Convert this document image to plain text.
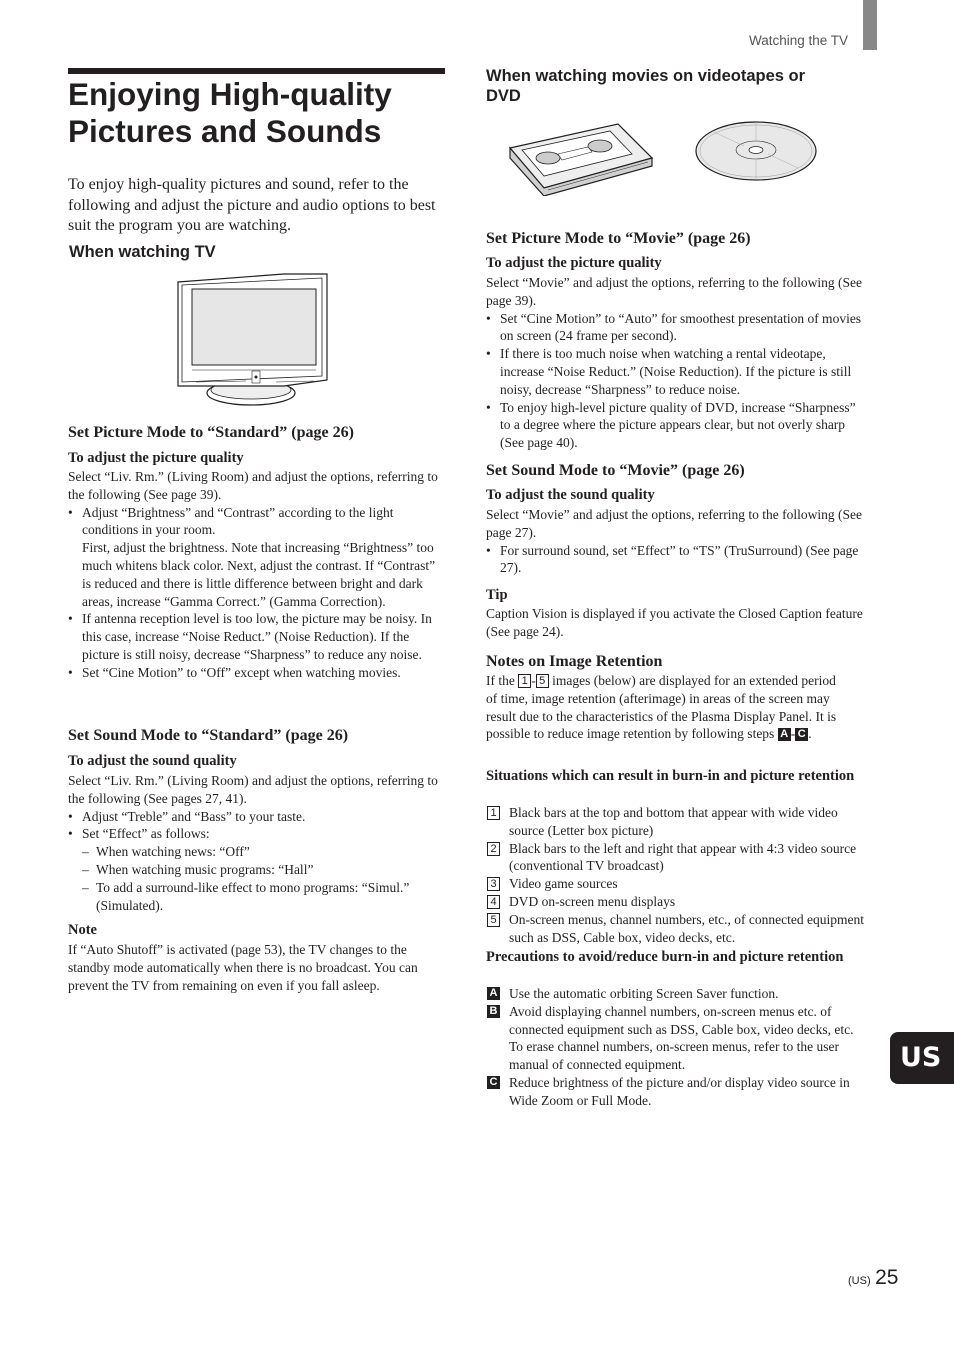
Watching the TV
Enjoying High-quality Pictures and Sounds

To enjoy high-quality pictures and sound, refer to the following and adjust the picture and audio options to best suit the program you are watching.

When watching TV
Set Picture Mode to “Standard” (page 26)
To adjust the picture quality

Select “Liv. Rm.” (Living Room) and adjust the options, referring to the following (See page 39).

• Adjust “Brightness” and “Contrast” according to the light conditions in your room.
First, adjust the brightness. Note that increasing “Brightness” too much whitens black color. Next, adjust the contrast. If “Contrast” is reduced and there is little difference between bright and dark areas, increase “Gamma Correct.” (Gamma Correction).
• If antenna reception level is too low, the picture may be noisy. In this case, increase “Noise Reduct.” (Noise Reduction). If the picture is still noisy, decrease “Sharpness” to reduce any noise.
• Set “Cine Motion” to “Off” except when watching movies.
Set Sound Mode to “Standard” (page 26)
To adjust the sound quality

Select “Liv. Rm.” (Living Room) and adjust the options, referring to the following (See pages 27, 41).

• Adjust “Treble” and “Bass” to your taste.
• Set “Effect” as follows:
– When watching news: “Off”
– When watching music programs: “Hall”
– To add a surround-like effect to mono programs: “Simul.” (Simulated).
Note

If “Auto Shutoff” is activated (page 53), the TV changes to the standby mode automatically when there is no broadcast. You can prevent the TV from remaining on even if you fall asleep.

When watching movies on videotapes or
DVD
Set Picture Mode to “Movie” (page 26)
To adjust the picture quality

Select “Movie” and adjust the options, referring to the following (See page 39).

• Set “Cine Motion” to “Auto” for smoothest presentation of movies on screen (24 frame per second).
• If there is too much noise when watching a rental videotape, increase “Noise Reduct.” (Noise Reduction). If the picture is still noisy, decrease “Sharpness” to reduce noise.
• To enjoy high-level picture quality of DVD, increase “Sharpness” to a degree where the picture appears clear, but not overly sharp (See page 40).
Set Sound Mode to “Movie” (page 26)
To adjust the sound quality

Select “Movie” and adjust the options, referring to the following (See page 27).

• For surround sound, set “Effect” to “TS” (TruSurround) (See page 27).
Tip

Caption Vision is displayed if you activate the Closed Caption feature (See page 24).

Notes on Image Retention

If the 1 - 5 images (below) are displayed for an extended period of time, image retention (afterimage) in areas of the screen may result due to the characteristics of the Plasma Display Panel. It is possible to reduce image retention by following steps A - C .

Situations which can result in burn-in and picture retention
1 Black bars at the top and bottom that appear with wide video source (Letter box picture)
2 Black bars to the left and right that appear with 4:3 video source (conventional TV broadcast)
3 Video game sources
4 DVD on-screen menu displays
5 On-screen menus, channel numbers, etc., of connected equipment such as DSS, Cable box, video decks, etc.
Precautions to avoid/reduce burn-in and picture retention
A Use the automatic orbiting Screen Saver function.
B Avoid displaying channel numbers, on-screen menus etc. of connected equipment such as DSS, Cable box, video decks, etc. To erase channel numbers, on-screen menus, refer to the user manual of connected equipment.
C Reduce brightness of the picture and/or display video source in Wide Zoom or Full Mode.
US
(US) 25
